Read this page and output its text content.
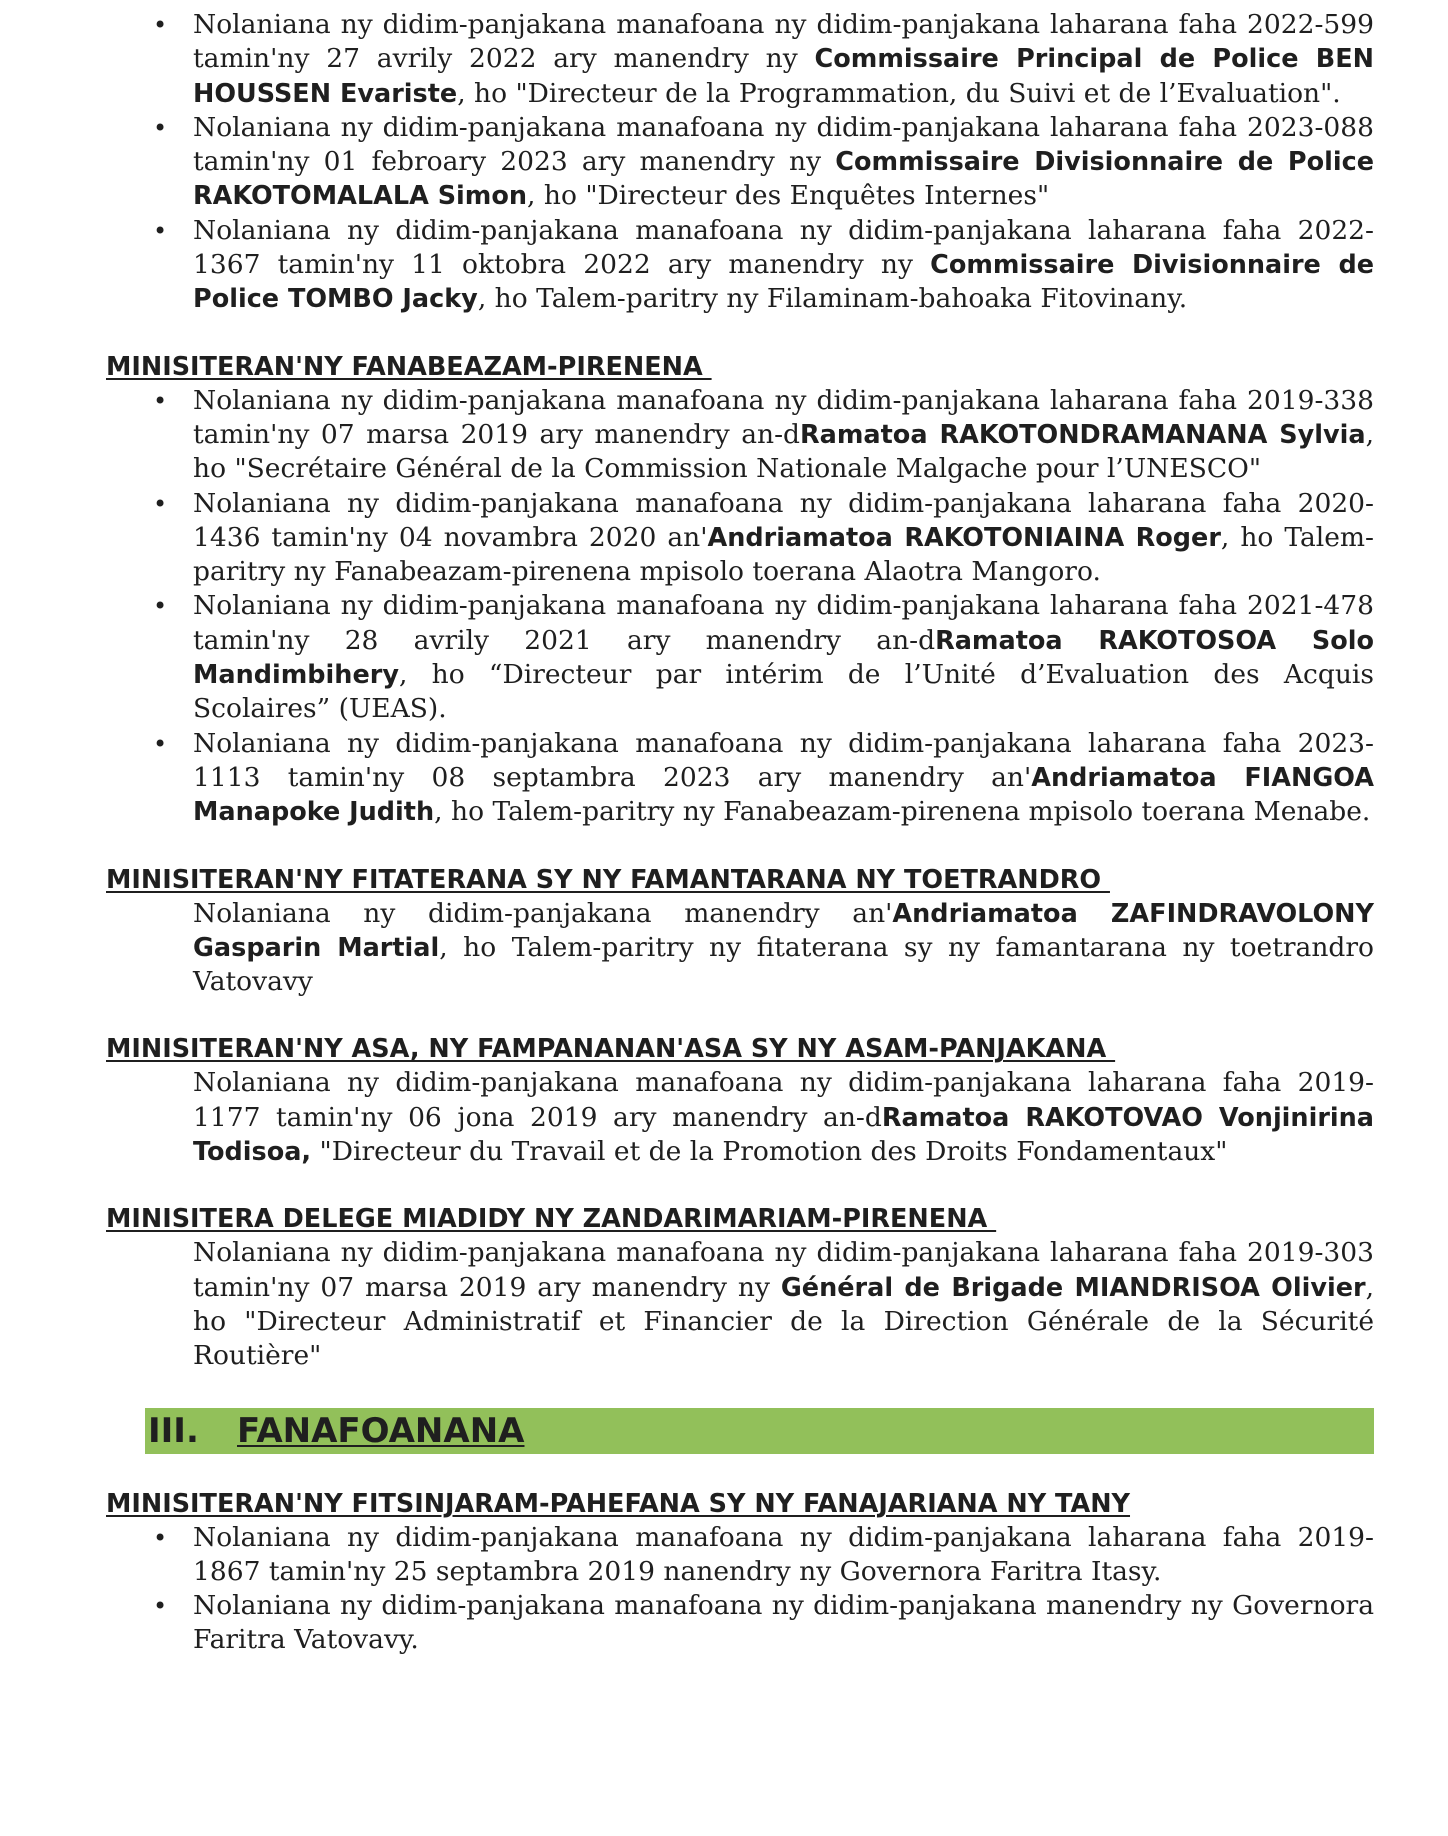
• Nolaniana ny didim-panjakana manafoana ny didim-panjakana laharana faha 2022-599 tamin'ny 27 avrily 2022 ary manendry ny Commissaire Principal de Police BEN HOUSSEN Evariste, ho "Directeur de la Programmation, du Suivi et de l’Evaluation".
• Nolaniana ny didim-panjakana manafoana ny didim-panjakana laharana faha 2023-088 tamin'ny 01 febroary 2023 ary manendry ny Commissaire Divisionnaire de Police RAKOTOMALALA Simon, ho "Directeur des Enquêtes Internes"
• Nolaniana ny didim-panjakana manafoana ny didim-panjakana laharana faha 2022-1367 tamin'ny 11 oktobra 2022 ary manendry ny Commissaire Divisionnaire de Police TOMBO Jacky, ho Talem-paritry ny Filaminam-bahoaka Fitovinany.
MINISITERAN'NY FANABEAZAM-PIRENENA
• Nolaniana ny didim-panjakana manafoana ny didim-panjakana laharana faha 2019-338 tamin'ny 07 marsa 2019 ary manendry an-dRamatoa RAKOTONDRAMANANA Sylvia, ho "Secrétaire Général de la Commission Nationale Malgache pour l’UNESCO"
• Nolaniana ny didim-panjakana manafoana ny didim-panjakana laharana faha 2020-1436 tamin'ny 04 novambra 2020 an'Andriamatoa RAKOTONIAINA Roger, ho Talem-paritry ny Fanabeazam-pirenena mpisolo toerana Alaotra Mangoro.
• Nolaniana ny didim-panjakana manafoana ny didim-panjakana laharana faha 2021-478 tamin'ny 28 avrily 2021 ary manendry an-dRamatoa RAKOTOSOA Solo Mandimbihery, ho “Directeur par intérim de l’Unité d’Evaluation des Acquis Scolaires” (UEAS).
• Nolaniana ny didim-panjakana manafoana ny didim-panjakana laharana faha 2023-1113 tamin'ny 08 septambra 2023 ary manendry an'Andriamatoa FIANGOA Manapoke Judith, ho Talem-paritry ny Fanabeazam-pirenena mpisolo toerana Menabe.
MINISITERAN'NY FITATERANA SY NY FAMANTARANA NY TOETRANDRO
Nolaniana ny didim-panjakana manendry an'Andriamatoa ZAFINDRAVOLONY Gasparin Martial, ho Talem-paritry ny fitaterana sy ny famantarana ny toetrandro Vatovavy
MINISITERAN'NY ASA, NY FAMPANANAN'ASA SY NY ASAM-PANJAKANA
Nolaniana ny didim-panjakana manafoana ny didim-panjakana laharana faha 2019-1177 tamin'ny 06 jona 2019 ary manendry an-dRamatoa RAKOTOVAO Vonjinirina Todisoa, "Directeur du Travail et de la Promotion des Droits Fondamentaux"
MINISITERA DELEGE MIADIDY NY ZANDARIMARIAM-PIRENENA
Nolaniana ny didim-panjakana manafoana ny didim-panjakana laharana faha 2019-303 tamin'ny 07 marsa 2019 ary manendry ny Général de Brigade MIANDRISOA Olivier, ho "Directeur Administratif et Financier de la Direction Générale de la Sécurité Routière"
III. FANAFOANANA
MINISITERAN'NY FITSINJARAM-PAHEFANA SY NY FANAJARIANA NY TANY
• Nolaniana ny didim-panjakana manafoana ny didim-panjakana laharana faha 2019-1867 tamin'ny 25 septambra 2019 nanendry ny Governora Faritra Itasy.
• Nolaniana ny didim-panjakana manafoana ny didim-panjakana manendry ny Governora Faritra Vatovavy.
